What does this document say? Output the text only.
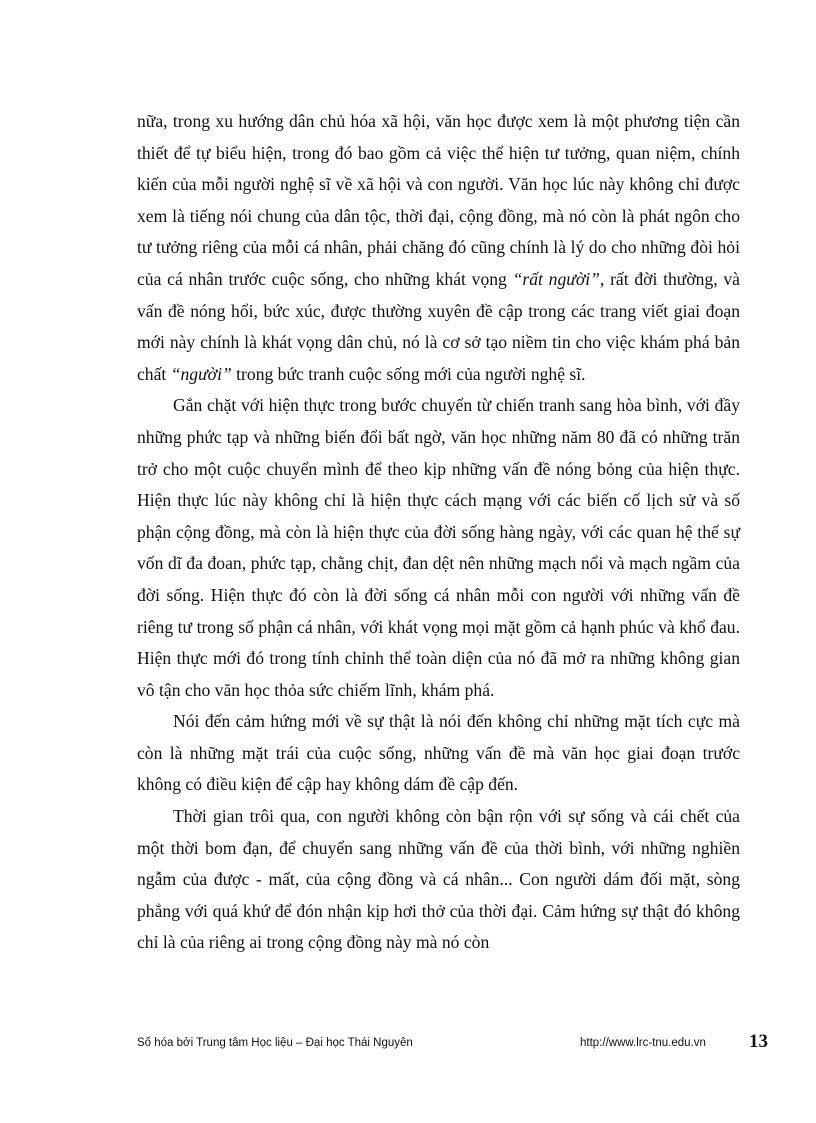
nữa, trong xu hướng dân chủ hóa xã hội, văn học được xem là một phương tiện cần thiết để tự biểu hiện, trong đó bao gồm cả việc thể hiện tư tưởng, quan niệm, chính kiến của mỗi người nghệ sĩ về xã hội và con người. Văn học lúc này không chỉ được xem là tiếng nói chung của dân tộc, thời đại, cộng đồng, mà nó còn là phát ngôn cho tư tưởng riêng của mỗi cá nhân, phải chăng đó cũng chính là lý do cho những đòi hỏi của cá nhân trước cuộc sống, cho những khát vọng “rất người”, rất đời thường, và vấn đề nóng hổi, bức xúc, được thường xuyên đề cập trong các trang viết giai đoạn mới này chính là khát vọng dân chủ, nó là cơ sở tạo niềm tin cho việc khám phá bản chất “người” trong bức tranh cuộc sống mới của người nghệ sĩ.

Gắn chặt với hiện thực trong bước chuyển từ chiến tranh sang hòa bình, với đầy những phức tạp và những biến đổi bất ngờ, văn học những năm 80 đã có những trăn trở cho một cuộc chuyển mình để theo kịp những vấn đề nóng bỏng của hiện thực. Hiện thực lúc này không chỉ là hiện thực cách mạng với các biến cố lịch sử và số phận cộng đồng, mà còn là hiện thực của đời sống hàng ngày, với các quan hệ thế sự vốn dĩ đa đoan, phức tạp, chằng chịt, đan dệt nên những mạch nổi và mạch ngầm của đời sống. Hiện thực đó còn là đời sống cá nhân mỗi con người với những vấn đề riêng tư trong số phận cá nhân, với khát vọng mọi mặt gồm cả hạnh phúc và khổ đau. Hiện thực mới đó trong tính chỉnh thể toàn diện của nó đã mở ra những không gian vô tận cho văn học thỏa sức chiếm lĩnh, khám phá.

Nói đến cảm hứng mới về sự thật là nói đến không chỉ những mặt tích cực mà còn là những mặt trái của cuộc sống, những vấn đề mà văn học giai đoạn trước không có điều kiện để cập hay không dám đề cập đến.

Thời gian trôi qua, con người không còn bận rộn với sự sống và cái chết của một thời bom đạn, để chuyển sang những vấn đề của thời bình, với những nghiền ngẫm của được - mất, của cộng đồng và cá nhân... Con người dám đối mặt, sòng phẳng với quá khứ để đón nhận kịp hơi thở của thời đại. Cảm hứng sự thật đó không chỉ là của riêng ai trong cộng đồng này mà nó còn

Số hóa bởi Trung tâm Học liệu – Đại học Thái Nguyên	http://www.lrc-tnu.edu.vn 13
